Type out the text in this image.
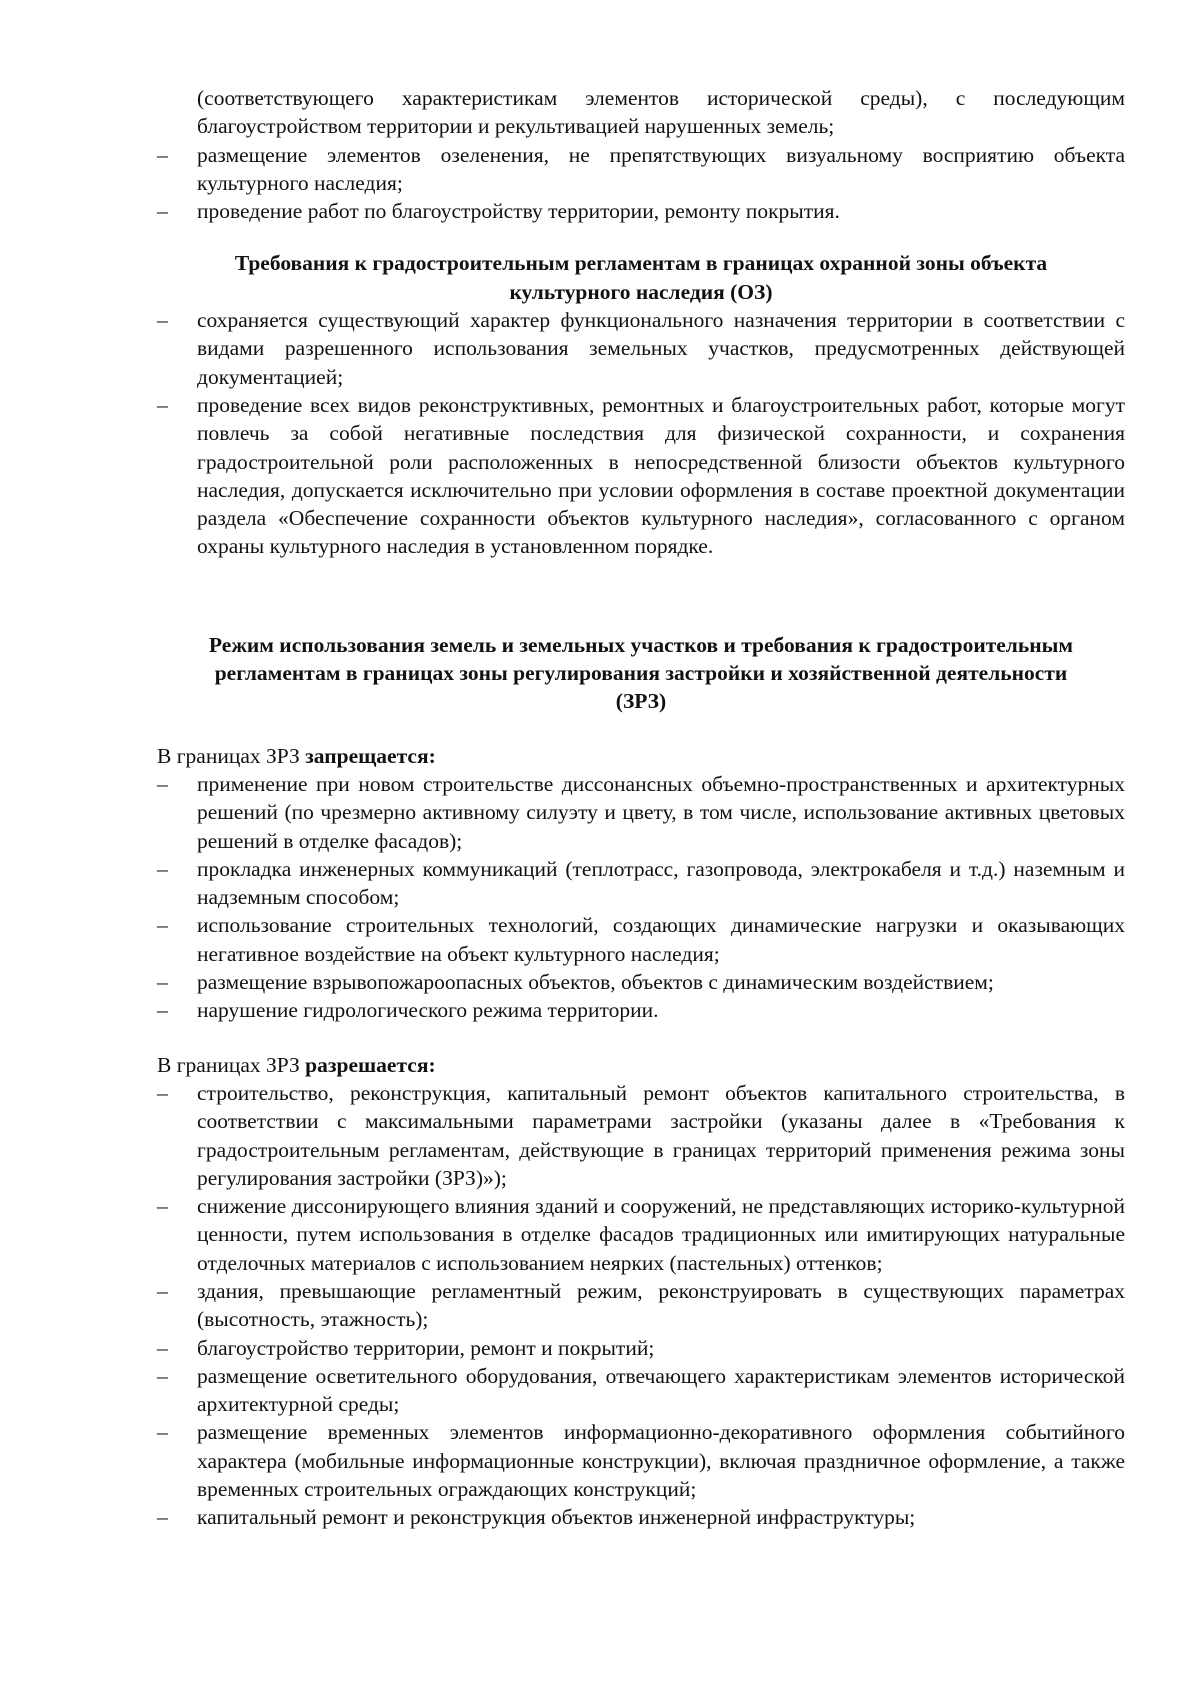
(соответствующего характеристикам элементов исторической среды), с последующим благоустройством территории и рекультивацией нарушенных земель;
– размещение элементов озеленения, не препятствующих визуальному восприятию объекта культурного наследия;
– проведение работ по благоустройству территории, ремонту покрытия.
Требования к градостроительным регламентам в границах охранной зоны объекта культурного наследия (ОЗ)
– сохраняется существующий характер функционального назначения территории в соответствии с видами разрешенного использования земельных участков, предусмотренных действующей документацией;
– проведение всех видов реконструктивных, ремонтных и благоустроительных работ, которые могут повлечь за собой негативные последствия для физической сохранности, и сохранения градостроительной роли расположенных в непосредственной близости объектов культурного наследия, допускается исключительно при условии оформления в составе проектной документации раздела «Обеспечение сохранности объектов культурного наследия», согласованного с органом охраны культурного наследия в установленном порядке.
Режим использования земель и земельных участков и требования к градостроительным регламентам в границах зоны регулирования застройки и хозяйственной деятельности (ЗРЗ)

В границах ЗРЗ запрещается:

– применение при новом строительстве диссонансных объемно-пространственных и архитектурных решений (по чрезмерно активному силуэту и цвету, в том числе, использование активных цветовых решений в отделке фасадов);
– прокладка инженерных коммуникаций (теплотрасс, газопровода, электрокабеля и т.д.) наземным и надземным способом;
– использование строительных технологий, создающих динамические нагрузки и оказывающих негативное воздействие на объект культурного наследия;
– размещение взрывопожароопасных объектов, объектов с динамическим воздействием;
– нарушение гидрологического режима территории.

В границах ЗРЗ разрешается:

– строительство, реконструкция, капитальный ремонт объектов капитального строительства, в соответствии с максимальными параметрами застройки (указаны далее в «Требования к градостроительным регламентам, действующие в границах территорий применения режима зоны регулирования застройки (ЗРЗ)»);
– снижение диссонирующего влияния зданий и сооружений, не представляющих историко-культурной ценности, путем использования в отделке фасадов традиционных или имитирующих натуральные отделочных материалов с использованием неярких (пастельных) оттенков;
– здания, превышающие регламентный режим, реконструировать в существующих параметрах (высотность, этажность);
– благоустройство территории, ремонт и покрытий;
– размещение осветительного оборудования, отвечающего характеристикам элементов исторической архитектурной среды;
– размещение временных элементов информационно-декоративного оформления событийного характера (мобильные информационные конструкции), включая праздничное оформление, а также временных строительных ограждающих конструкций;
– капитальный ремонт и реконструкция объектов инженерной инфраструктуры;
